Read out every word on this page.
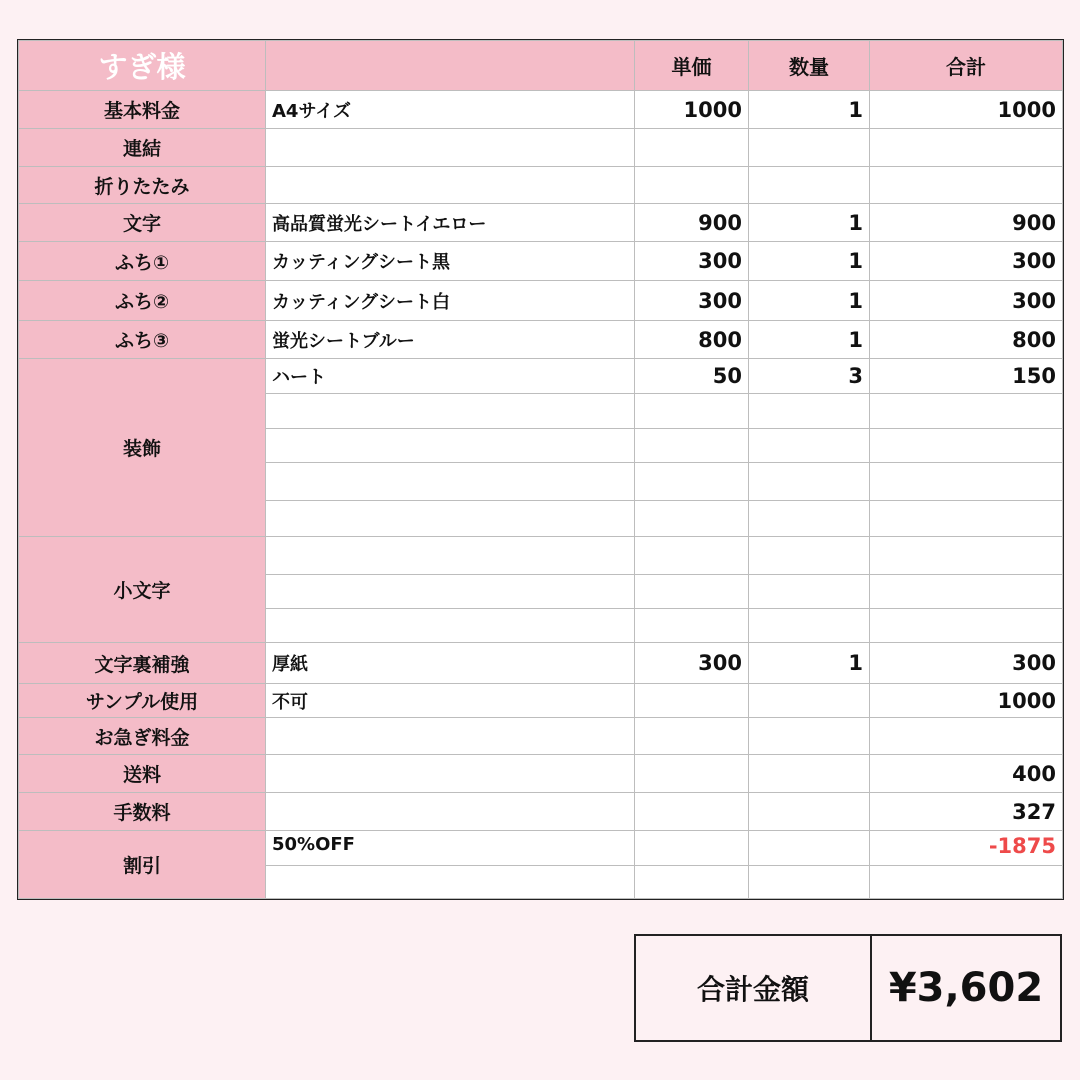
すぎ様		単価	数量	合計
基本料金	A4サイズ	1000	1	1000
連結				
折りたたみ				
文字	高品質蛍光シートイエロー	900	1	900
ふち①	カッティングシート黒	300	1	300
ふち②	カッティングシート白	300	1	300
ふち③	蛍光シートブルー	800	1	800
装飾	ハート	50	3	150

小文字				

文字裏補強	厚紙	300	1	300
サンプル使用	不可			1000
お急ぎ料金				
送料				400
手数料				327
割引	50%OFF			-1875

合計金額	¥3,602
